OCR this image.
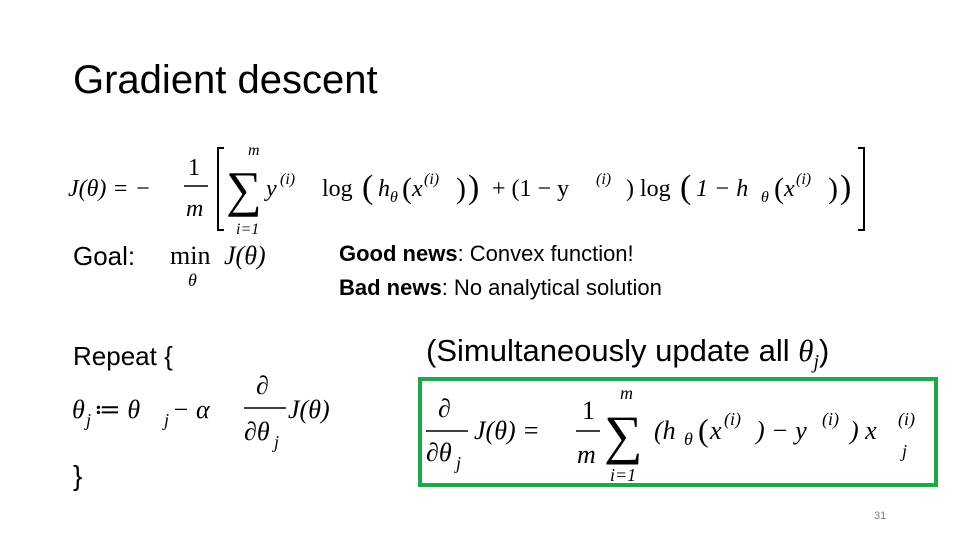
Gradient descent
J(θ) = −
1
m
m
∑
i=1
y (i) log ( h θ ( x (i) ) ) + (1 − y (i) ) log ( 1 − h θ ( x (i) ) )
Goal: min
θ
J(θ)	Good news: Convex function!
Bad news: No analytical solution
Repeat {
θ j ≔ θ j − α
∂
∂θ j
J(θ)
}
(Simultaneously update all $\theta_j$)
∂
∂θ j
J(θ) =
1
m
m
∑
i=1
(h θ ( x (i) ) − y (i) ) x (i)
j
31
